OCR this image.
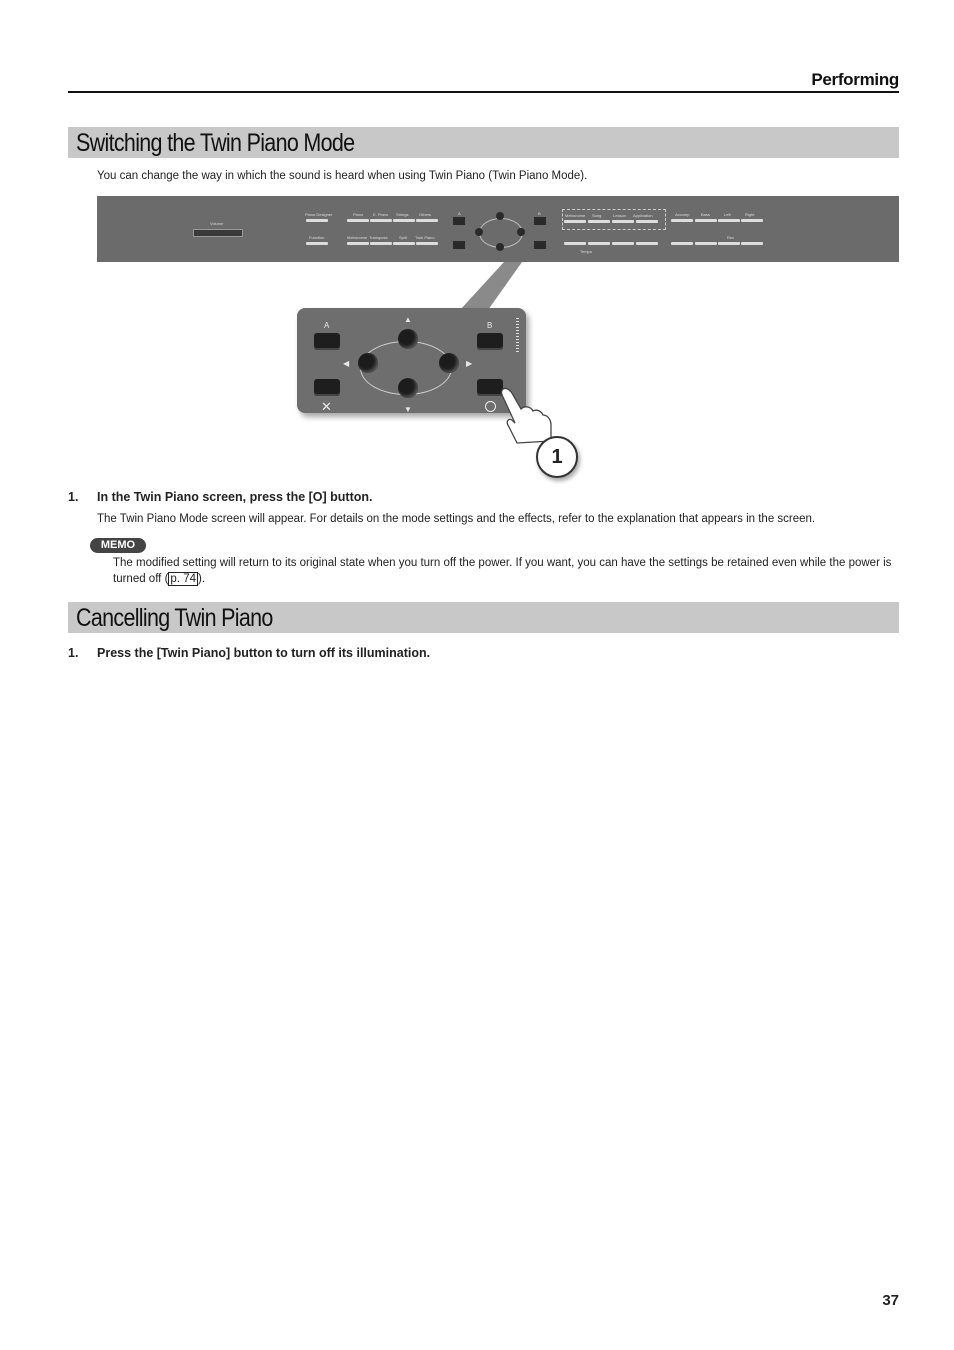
Performing
Switching the Twin Piano Mode
You can change the way in which the sound is heard when using Twin Piano (Twin Piano Mode).
Volume
Piano Designer
Function
Piano E. Piano Strings	Others
Metronome Transpose	Split Twin Piano
A	B	Metronome Song	Lesson Application
Tempo
Accomp	Bass	Left	Right
Rec
A
✕
▲
◀	▶
▼
B
1
1. In the Twin Piano screen, press the [O] button.
The Twin Piano Mode screen will appear. For details on the mode settings and the effects, refer to the explanation that appears in the screen.
MEMO
The modified setting will return to its original state when you turn off the power. If you want, you can have the settings be retained even while the power is turned off ( p. 74 ).
Cancelling Twin Piano
1. Press the [Twin Piano] button to turn off its illumination.
37
